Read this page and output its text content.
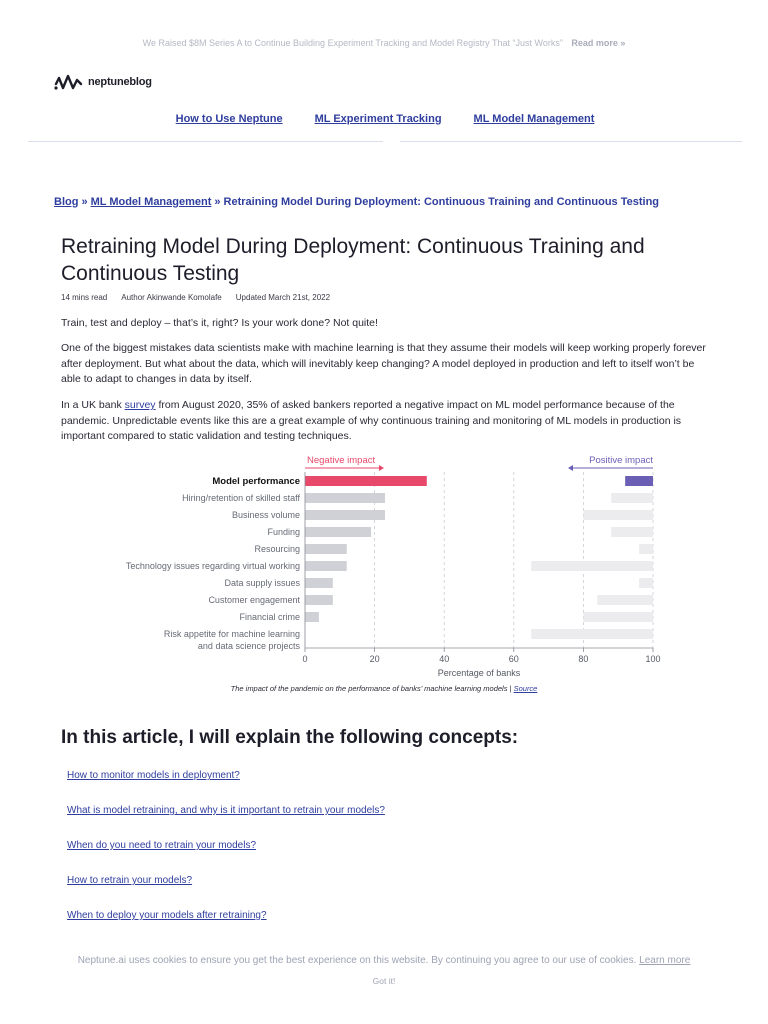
We Raised $8M Series A to Continue Building Experiment Tracking and Model Registry That “Just Works” Read more »
neptuneblog
How to Use Neptune	ML Experiment Tracking	ML Model Management
Blog » ML Model Management » Retraining Model During Deployment: Continuous Training and Continuous Testing
Retraining Model During Deployment: Continuous Training and Continuous Testing
14 mins read Author Akinwande Komolafe Updated March 21st, 2022

Train, test and deploy – that’s it, right? Is your work done? Not quite!

One of the biggest mistakes data scientists make with machine learning is that they assume their models will keep working properly forever after deployment. But what about the data, which will inevitably keep changing? A model deployed in production and left to itself won’t be able to adapt to changes in data by itself.

In a UK bank survey from August 2020, 35% of asked bankers reported a negative impact on ML model performance because of the pandemic. Unpredictable events like this are a great example of why continuous training and monitoring of ML models in production is important compared to static validation and testing techniques.

Model performance
Hiring/retention of skilled staff
Business volume
Funding
Resourcing
Technology issues regarding virtual working
Data supply issues
Customer engagement
Financial crime
Risk appetite for machine learning
and data science projects
0	20	40	60	80	100
Percentage of banks
Negative impact	Positive impact
The impact of the pandemic on the performance of banks’ machine learning models | Source
In this article, I will explain the following concepts:
How to monitor models in deployment?
What is model retraining, and why is it important to retrain your models?
When do you need to retrain your models?
How to retrain your models?
When to deploy your models after retraining?
Neptune.ai uses cookies to ensure you get the best experience on this website. By continuing you agree to our use of cookies. Learn more
Got it!
